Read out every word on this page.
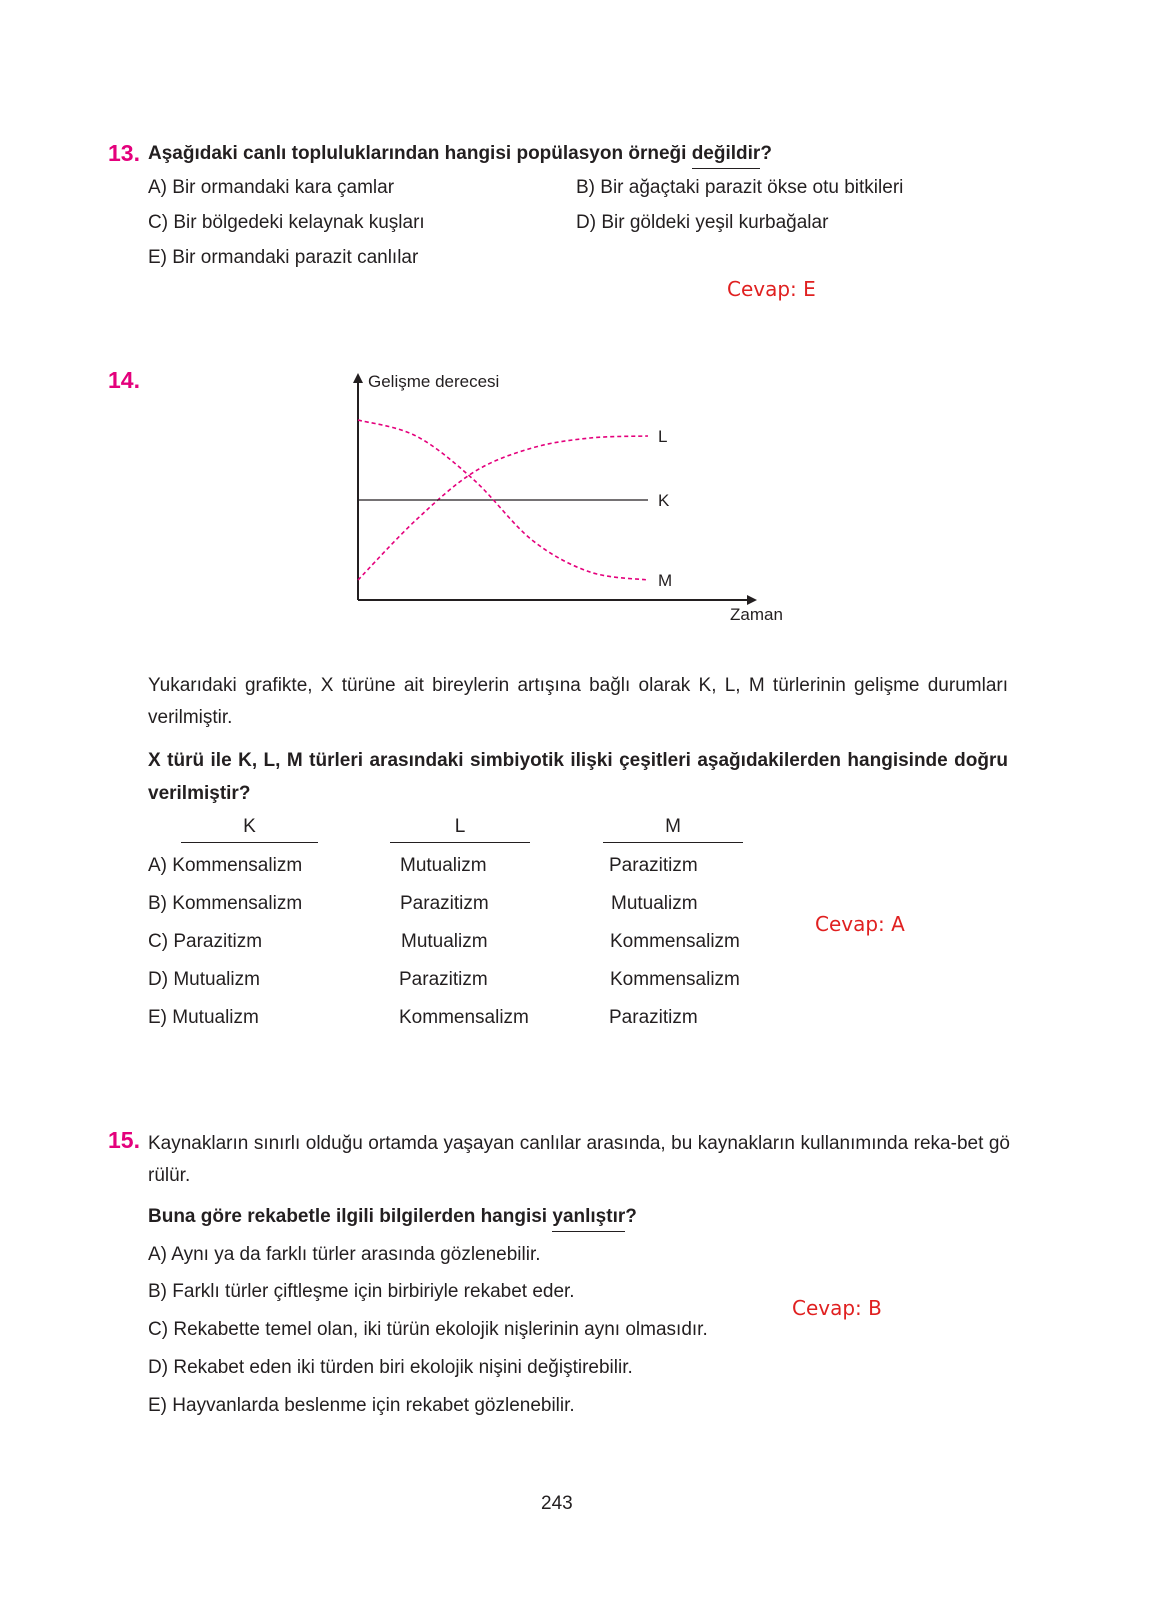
13. Aşağıdaki canlı topluluklarından hangisi popülasyon örneği değildir?
A) Bir ormandaki kara çamlar	B) Bir ağaçtaki parazit ökse otu bitkileri
C) Bir bölgedeki kelaynak kuşları	D) Bir göldeki yeşil kurbağalar
E) Bir ormandaki parazit canlılar
Cevap: E
14.	Gelişme derecesi
Zaman
L
K
M
Yukarıdaki grafikte, X türüne ait bireylerin artışına bağlı olarak K, L, M türlerinin gelişme durumları verilmiştir.
X türü ile K, L, M türleri arasındaki simbiyotik ilişki çeşitleri aşağıdakilerden hangisinde doğru verilmiştir?
K	L	M
A) Kommensalizm	Mutualizm	Parazitizm
B) Kommensalizm	Parazitizm	Mutualizm
C) Parazitizm	Mutualizm	Kommensalizm
D) Mutualizm	Parazitizm	Kommensalizm
E) Mutualizm	Kommensalizm	Parazitizm
Cevap: A
15. Kaynakların sınırlı olduğu ortamda yaşayan canlılar arasında, bu kaynakların kullanımında reka-bet görülür.
Buna göre rekabetle ilgili bilgilerden hangisi yanlıştır?
A) Aynı ya da farklı türler arasında gözlenebilir.
B) Farklı türler çiftleşme için birbiriyle rekabet eder.
C) Rekabette temel olan, iki türün ekolojik nişlerinin aynı olmasıdır.
D) Rekabet eden iki türden biri ekolojik nişini değiştirebilir.
E) Hayvanlarda beslenme için rekabet gözlenebilir.
Cevap: B
243
